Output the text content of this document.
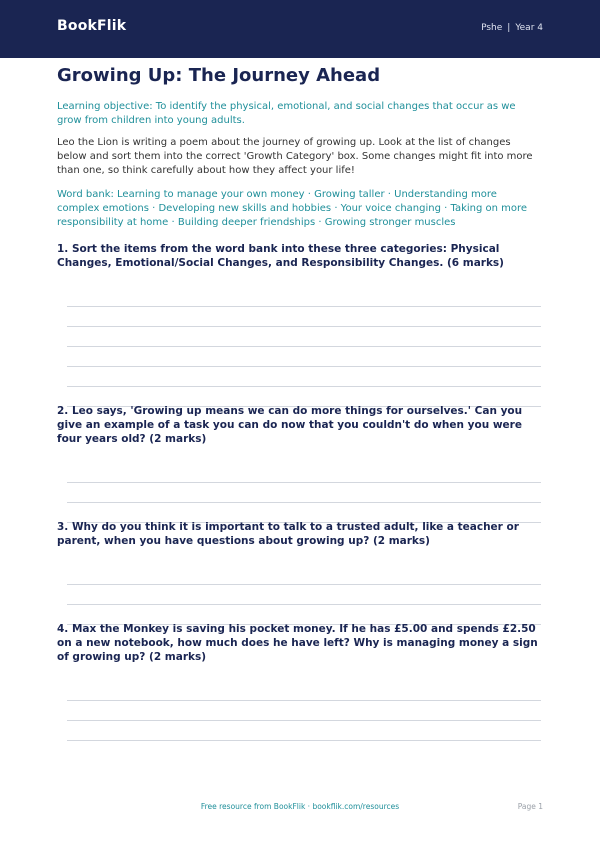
BookFlik	Pshe | Year 4
Growing Up: The Journey Ahead
Learning objective: To identify the physical, emotional, and social changes that occur as we grow from children into young adults.
Leo the Lion is writing a poem about the journey of growing up. Look at the list of changes below and sort them into the correct 'Growth Category' box. Some changes might fit into more than one, so think carefully about how they affect your life!
Word bank: Learning to manage your own money · Growing taller · Understanding more complex emotions · Developing new skills and hobbies · Your voice changing · Taking on more responsibility at home · Building deeper friendships · Growing stronger muscles
1. Sort the items from the word bank into these three categories: Physical Changes, Emotional/Social Changes, and Responsibility Changes. (6 marks)
2. Leo says, 'Growing up means we can do more things for ourselves.' Can you give an example of a task you can do now that you couldn't do when you were four years old? (2 marks)
3. Why do you think it is important to talk to a trusted adult, like a teacher or parent, when you have questions about growing up? (2 marks)
4. Max the Monkey is saving his pocket money. If he has £5.00 and spends £2.50 on a new notebook, how much does he have left? Why is managing money a sign of growing up? (2 marks)
Free resource from BookFlik · bookflik.com/resources	Page 1
